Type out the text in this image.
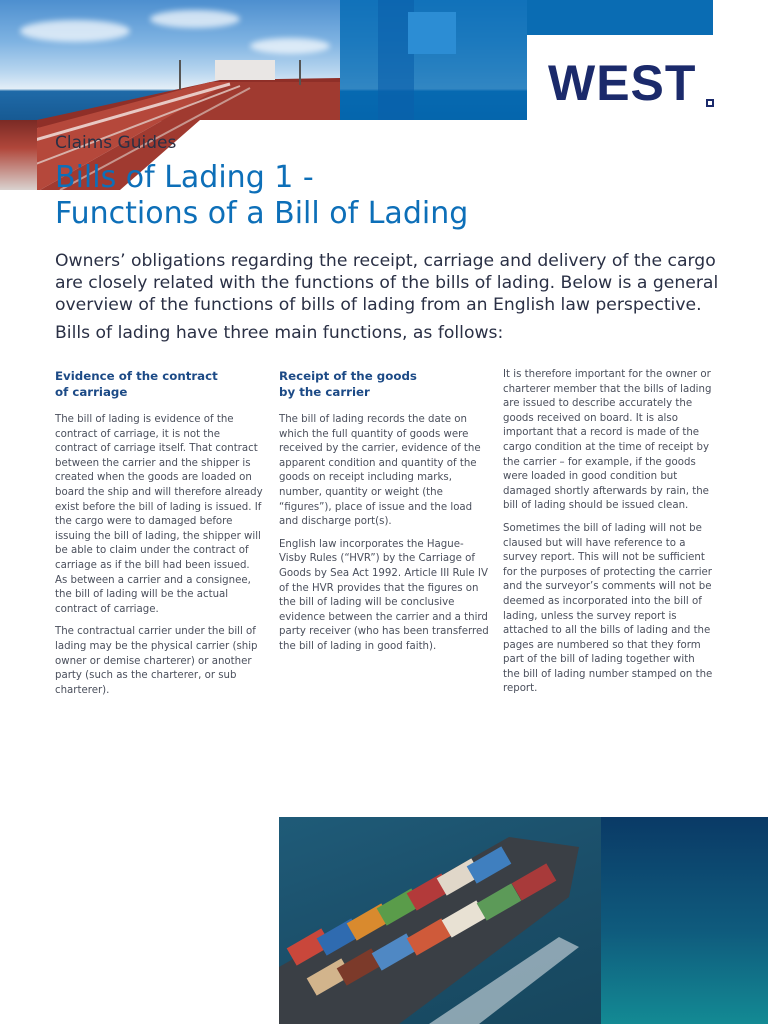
WEST
Claims Guides
Bills of Lading 1 -
Functions of a Bill of Lading
Owners’ obligations regarding the receipt, carriage and delivery of the cargo are closely related with the functions of the bills of lading. Below is a general overview of the functions of bills of lading from an English law perspective.
Bills of lading have three main functions, as follows:
Evidence of the contract
of carriage

The bill of lading is evidence of the contract of carriage, it is not the contract of carriage itself. That contract between the carrier and the shipper is created when the goods are loaded on board the ship and will therefore already exist before the bill of lading is issued. If the cargo were to damaged before issuing the bill of lading, the shipper will be able to claim under the contract of carriage as if the bill had been issued. As between a carrier and a consignee, the bill of lading will be the actual contract of carriage.

The contractual carrier under the bill of lading may be the physical carrier (ship owner or demise charterer) or another party (such as the charterer, or sub charterer).

Receipt of the goods
by the carrier

The bill of lading records the date on which the full quantity of goods were received by the carrier, evidence of the apparent condition and quantity of the goods on receipt including marks, number, quantity or weight (the “figures”), place of issue and the load and discharge port(s).

English law incorporates the Hague-Visby Rules (“HVR”) by the Carriage of Goods by Sea Act 1992. Article III Rule IV of the HVR provides that the figures on the bill of lading will be conclusive evidence between the carrier and a third party receiver (who has been transferred the bill of lading in good faith).

It is therefore important for the owner or charterer member that the bills of lading are issued to describe accurately the goods received on board. It is also important that a record is made of the cargo condition at the time of receipt by the carrier – for example, if the goods were loaded in good condition but damaged shortly afterwards by rain, the bill of lading should be issued clean.

Sometimes the bill of lading will not be claused but will have reference to a survey report. This will not be sufficient for the purposes of protecting the carrier and the surveyor’s comments will not be deemed as incorporated into the bill of lading, unless the survey report is attached to all the bills of lading and the pages are numbered so that they form part of the bill of lading together with the bill of lading number stamped on the report.
